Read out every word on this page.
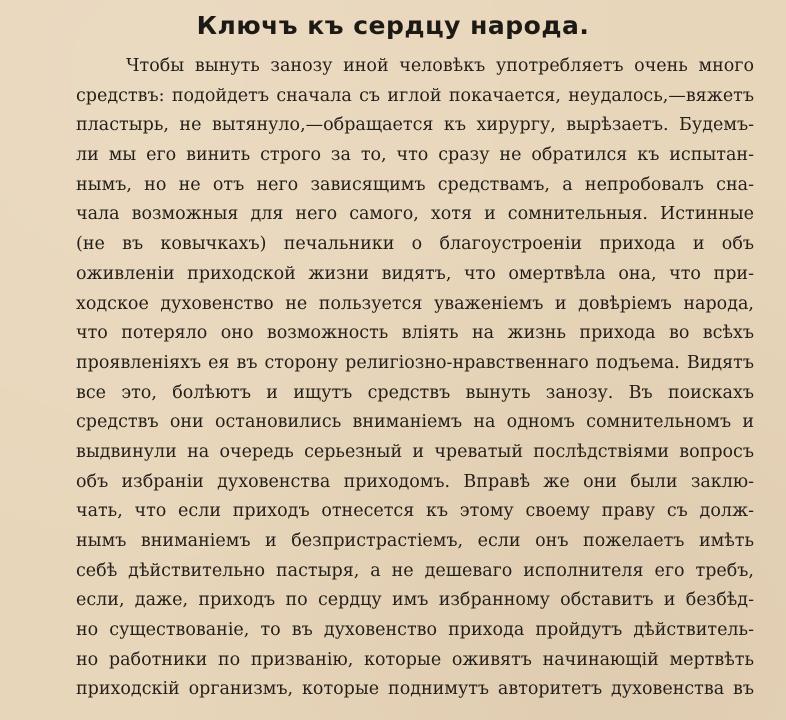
Ключъ къ сердцу народа.
Чтобы вынуть занозу иной человѣкъ употребляетъ очень много
средствъ: подойдетъ сначала съ иглой покачается, неудалось,—вяжетъ
пластырь, не вытянуло,—обращается къ хирургу, вырѣзаетъ. Будемъ-
ли мы его винить строго за то, что сразу не обратился къ испытан-
нымъ, но не отъ него зависящимъ средствамъ, а непробовалъ сна-
чала возможныя для него самого, хотя и сомнительныя. Истинные
(не въ ковычкахъ) печальники о благоустроеніи прихода и объ
оживленіи приходской жизни видятъ, что омертвѣла она, что при-
ходское духовенство не пользуется уваженіемъ и довѣріемъ народа,
что потеряло оно возможность вліять на жизнь прихода во всѣхъ
проявленіяхъ ея въ сторону религіозно-нравственнаго подъема. Видятъ
все это, болѣютъ и ищутъ средствъ вынуть занозу. Въ поискахъ
средствъ они остановились вниманіемъ на одномъ сомнительномъ и
выдвинули на очередь серьезный и чреватый послѣдствіями вопросъ
объ избраніи духовенства приходомъ. Вправѣ же они были заклю-
чать, что если приходъ отнесется къ этому своему праву съ долж-
нымъ вниманіемъ и безпристрастіемъ, если онъ пожелаетъ имѣть
себѣ дѣйствительно пастыря, а не дешеваго исполнителя его требъ,
если, даже, приходъ по сердцу имъ избранному обставитъ и безбѣд-
но существованіе, то въ духовенство прихода пройдутъ дѣйствитель-
но работники по призванію, которые оживятъ начинающій мертвѣть
приходскій организмъ, которые поднимутъ авторитетъ духовенства въ
